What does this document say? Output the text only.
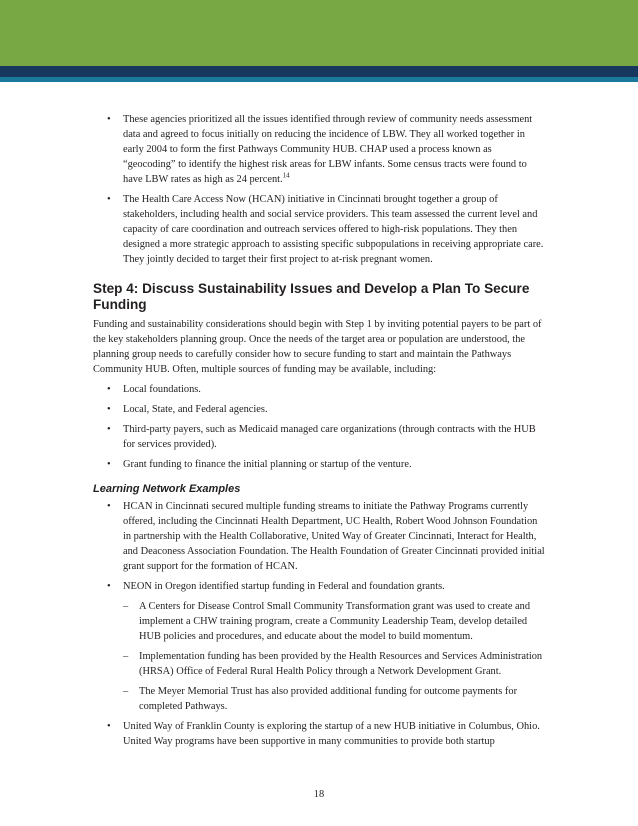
• These agencies prioritized all the issues identified through review of community needs assessment data and agreed to focus initially on reducing the incidence of LBW. They all worked together in early 2004 to form the first Pathways Community HUB. CHAP used a process known as “geocoding” to identify the highest risk areas for LBW infants. Some census tracts were found to have LBW rates as high as 24 percent.$^{14}$
• The Health Care Access Now (HCAN) initiative in Cincinnati brought together a group of stakeholders, including health and social service providers. This team assessed the current level and capacity of care coordination and outreach services offered to high-risk populations. They then designed a more strategic approach to assisting specific subpopulations in receiving appropriate care. They jointly decided to target their first project to at-risk pregnant women.
Step 4: Discuss Sustainability Issues and Develop a Plan To Secure Funding

Funding and sustainability considerations should begin with Step 1 by inviting potential payers to be part of the key stakeholders planning group. Once the needs of the target area or population are understood, the planning group needs to carefully consider how to secure funding to start and maintain the Pathways Community HUB. Often, multiple sources of funding may be available, including:

• Local foundations.
• Local, State, and Federal agencies.
• Third-party payers, such as Medicaid managed care organizations (through contracts with the HUB for services provided).
• Grant funding to finance the initial planning or startup of the venture.
Learning Network Examples
• HCAN in Cincinnati secured multiple funding streams to initiate the Pathway Programs currently offered, including the Cincinnati Health Department, UC Health, Robert Wood Johnson Foundation in partnership with the Health Collaborative, United Way of Greater Cincinnati, Interact for Health, and Deaconess Association Foundation. The Health Foundation of Greater Cincinnati provided initial grant support for the formation of HCAN.
• NEON in Oregon identified startup funding in Federal and foundation grants.
– A Centers for Disease Control Small Community Transformation grant was used to create and implement a CHW training program, create a Community Leadership Team, develop detailed HUB policies and procedures, and educate about the model to build momentum.
– Implementation funding has been provided by the Health Resources and Services Administration (HRSA) Office of Federal Rural Health Policy through a Network Development Grant.
– The Meyer Memorial Trust has also provided additional funding for outcome payments for completed Pathways.
• United Way of Franklin County is exploring the startup of a new HUB initiative in Columbus, Ohio. United Way programs have been supportive in many communities to provide both startup
18
